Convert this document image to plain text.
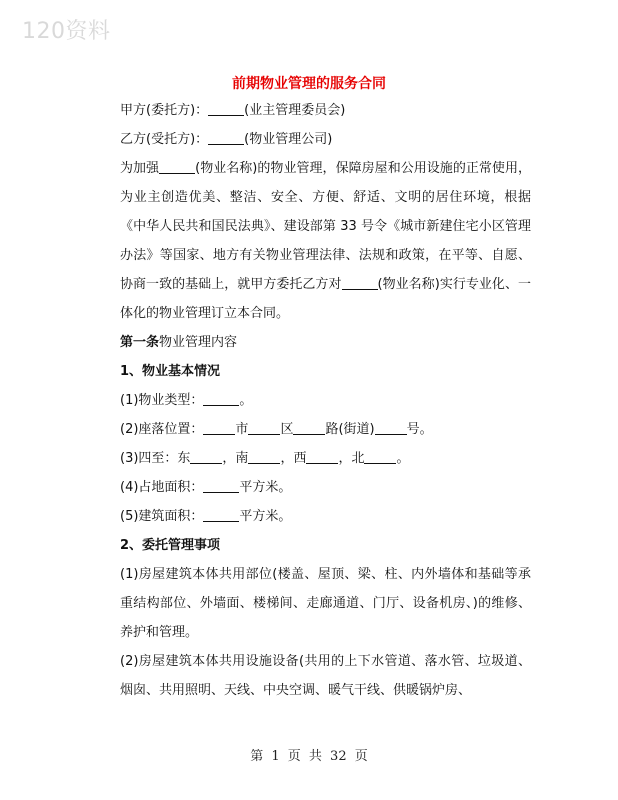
120资料
前期物业管理的服务合同

甲方(委托方)：	(业主管理委员会)

乙方(受托方)：	(物业管理公司)

为加强	(物业名称)的物业管理，保障房屋和公用设施的正常使用，为业主创造优美、整洁、安全、方便、舒适、文明的居住环境，根据《中华人民共和国民法典》、建设部第 33 号令《城市新建住宅小区管理办法》等国家、地方有关物业管理法律、法规和政策，在平等、自愿、协商一致的基础上，就甲方委托乙方对	(物业名称)实行专业化、一体化的物业管理订立本合同。

第一条物业管理内容

1、物业基本情况

(1)物业类型：	。

(2)座落位置： 市 区 路(街道) 号。

(3)四至：东 ，南 ，西 ，北 。

(4)占地面积：	平方米。

(5)建筑面积：	平方米。

2、委托管理事项

(1)房屋建筑本体共用部位(楼盖、屋顶、梁、柱、内外墙体和基础等承重结构部位、外墙面、楼梯间、走廊通道、门厅、设备机房、)的维修、养护和管理。

(2)房屋建筑本体共用设施设备(共用的上下水管道、落水管、垃圾道、烟囱、共用照明、天线、中央空调、暖气干线、供暖锅炉房、

第 1 页 共 32 页
